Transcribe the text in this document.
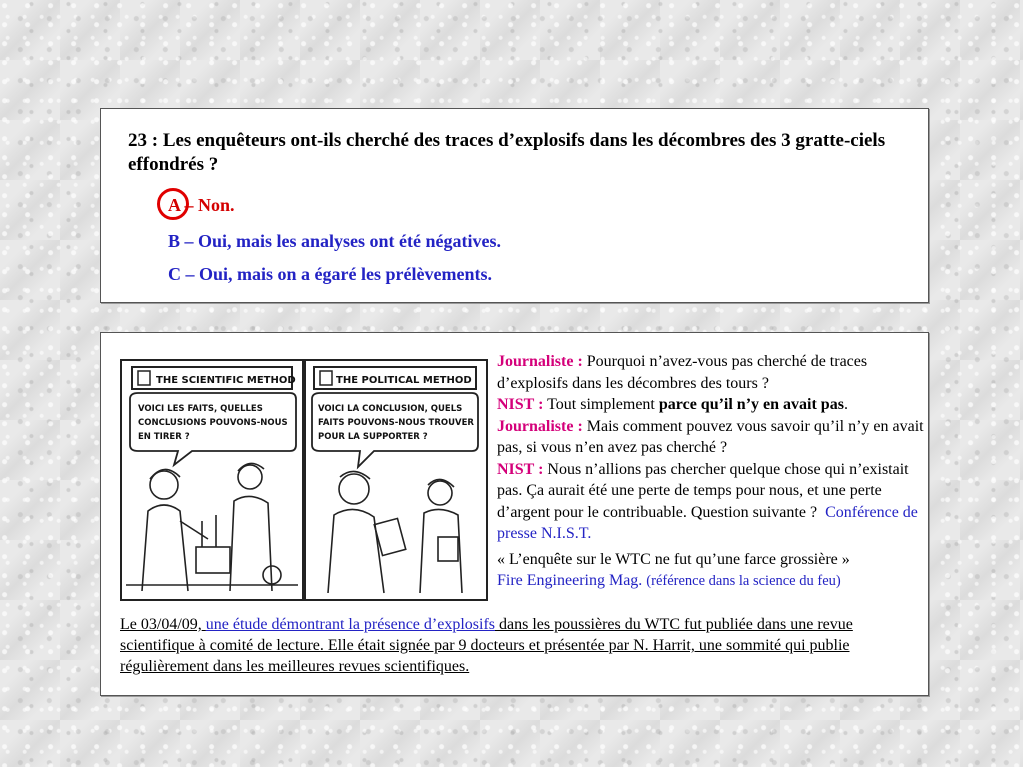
23 : Les enquêteurs ont-ils cherché des traces d’explosifs dans les décombres des 3 gratte-ciels effondrés ?
A – Non.
B – Oui, mais les analyses ont été négatives.
C – Oui, mais on a égaré les prélèvements.
THE SCIENTIFIC METHOD	THE POLITICAL METHOD
VOICI LES FAITS, QUELLES
CONCLUSIONS POUVONS-NOUS
EN TIRER ?
VOICI LA CONCLUSION, QUELS
FAITS POUVONS-NOUS TROUVER
POUR LA SUPPORTER ?

Journaliste : Pourquoi n’avez-vous pas cherché de traces d’explosifs dans les décombres des tours ?

NIST : Tout simplement parce qu’il n’y en avait pas.

Journaliste : Mais comment pouvez vous savoir qu’il n’y en avait pas, si vous n’en avez pas cherché ?

NIST : Nous n’allions pas chercher quelque chose qui n’existait pas. Ça aurait été une perte de temps pour nous, et une perte d’argent pour le contribuable. Question suivante ? Conférence de presse N.I.S.T.

« L’enquête sur le WTC ne fut qu’une farce grossière »

Fire Engineering Mag. (référence dans la science du feu)

Le 03/04/09, une étude démontrant la présence d’explosifs dans les poussières du WTC fut publiée dans une revue scientifique à comité de lecture. Elle était signée par 9 docteurs et présentée par N. Harrit, une sommité qui publie régulièrement dans les meilleures revues scientifiques.
